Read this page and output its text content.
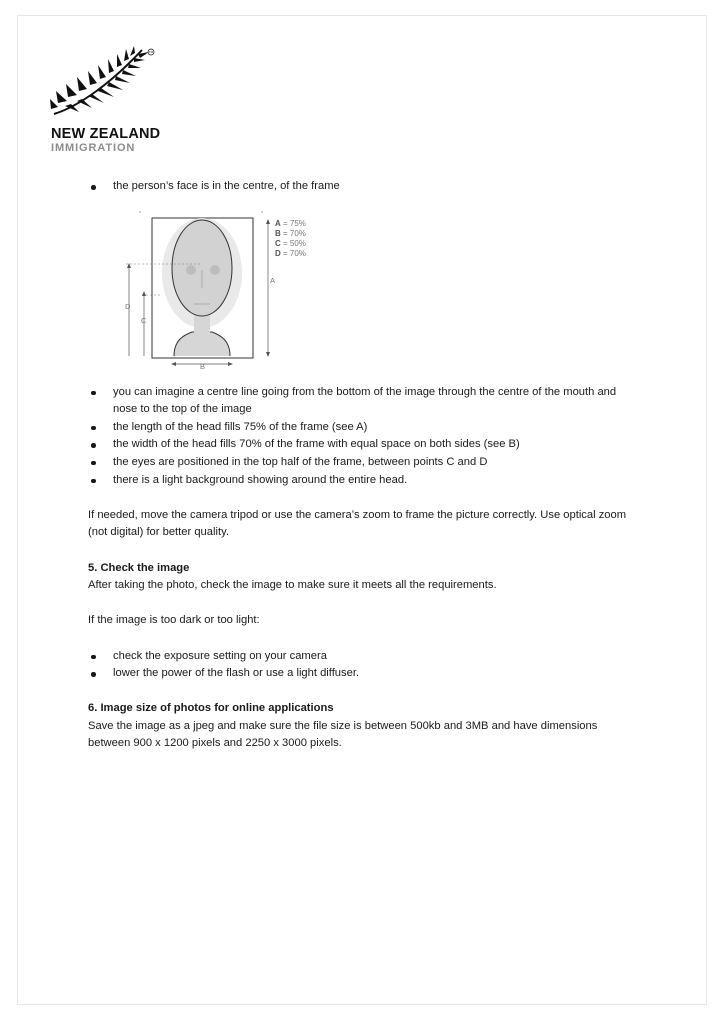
TM
NEW ZEALAND
IMMIGRATION
the person’s face is in the centre, of the frame
A = 75%
B = 70%
C = 50%
D = 70%
A
B
C
D
you can imagine a centre line going from the bottom of the image through the centre of the mouth and nose to the top of the image
the length of the head fills 75% of the frame (see A)
the width of the head fills 70% of the frame with equal space on both sides (see B)
the eyes are positioned in the top half of the frame, between points C and D
there is a light background showing around the entire head.

If needed, move the camera tripod or use the camera’s zoom to frame the picture correctly. Use optical zoom (not digital) for better quality.

5. Check the image

After taking the photo, check the image to make sure it meets all the requirements.

If the image is too dark or too light:

check the exposure setting on your camera
lower the power of the flash or use a light diffuser.

6. Image size of photos for online applications

Save the image as a jpeg and make sure the file size is between 500kb and 3MB and have dimensions between 900 x 1200 pixels and 2250 x 3000 pixels.
